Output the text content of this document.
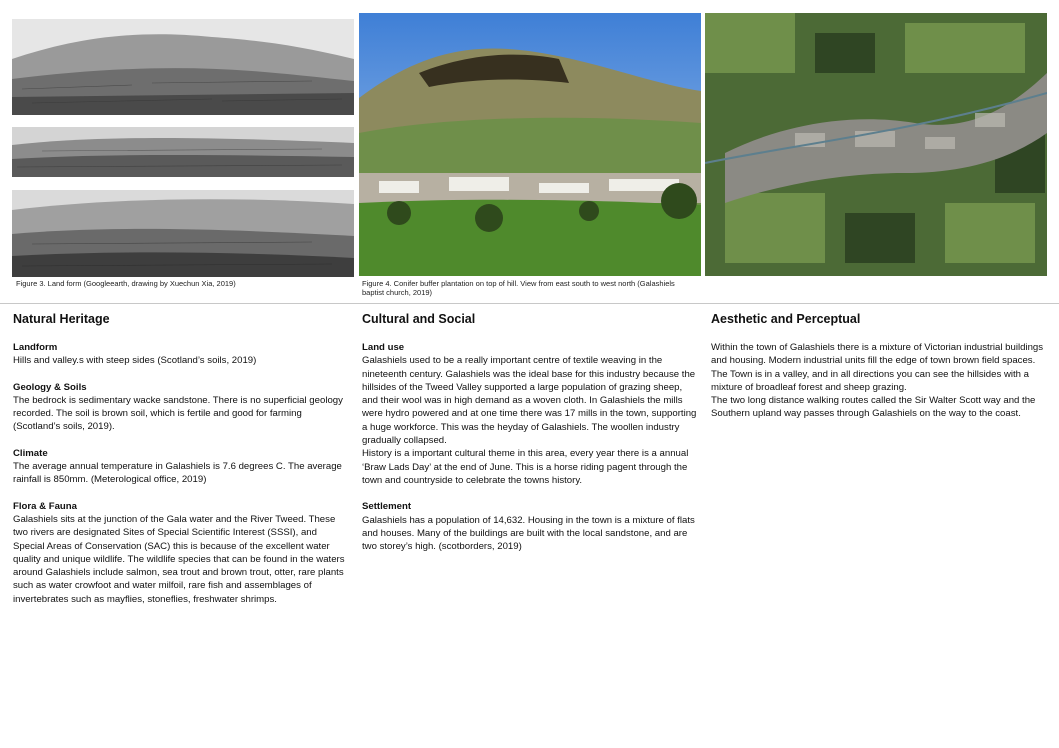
Figure 3. Land form (Googleearth, drawing by Xuechun Xia, 2019)	Figure 4. Conifer buffer plantation on top of hill. View from east south to west north (Galashiels baptist church, 2019)
Natural Heritage
Landform

Hills and valley.s with steep sides (Scotland’s soils, 2019)

Geology & Soils

The bedrock is sedimentary wacke sandstone. There is no superficial geology recorded. The soil is brown soil, which is fertile and good for farming (Scotland’s soils, 2019).

Climate

The average annual temperature in Galashiels is 7.6 degrees C. The average rainfall is 850mm. (Meterological office, 2019)

Flora & Fauna

Galashiels sits at the junction of the Gala water and the River Tweed. These two rivers are designated Sites of Special Scientific Interest (SSSI), and Special Areas of Conservation (SAC) this is because of the excellent water quality and unique wildlife. The wildlife species that can be found in the waters around Galashiels include salmon, sea trout and brown trout, otter, rare plants such as water crowfoot and water milfoil, rare fish and assemblages of invertebrates such as mayflies, stoneflies, freshwater shrimps.

Cultural and Social
Land use

Galashiels used to be a really important centre of textile weaving in the nineteenth century. Galashiels was the ideal base for this industry because the hillsides of the Tweed Valley supported a large population of grazing sheep, and their wool was in high demand as a woven cloth. In Galashiels the mills were hydro powered and at one time there was 17 mills in the town, supporting a huge workforce. This was the heyday of Galashiels. The woollen industry gradually collapsed.

History is a important cultural theme in this area, every year there is a annual ‘Braw Lads Day’ at the end of June. This is a horse riding pagent through the town and countryside to celebrate the towns history.

Settlement

Galashiels has a population of 14,632. Housing in the town is a mixture of flats and houses. Many of the buildings are built with the local sandstone, and are two storey’s high. (scotborders, 2019)

Aesthetic and Perceptual

Within the town of Galashiels there is a mixture of Victorian industrial buildings and housing. Modern industrial units fill the edge of town brown field spaces. The Town is in a valley, and in all directions you can see the hillsides with a mixture of broadleaf forest and sheep grazing.

The two long distance walking routes called the Sir Walter Scott way and the Southern upland way passes through Galashiels on the way to the coast.
